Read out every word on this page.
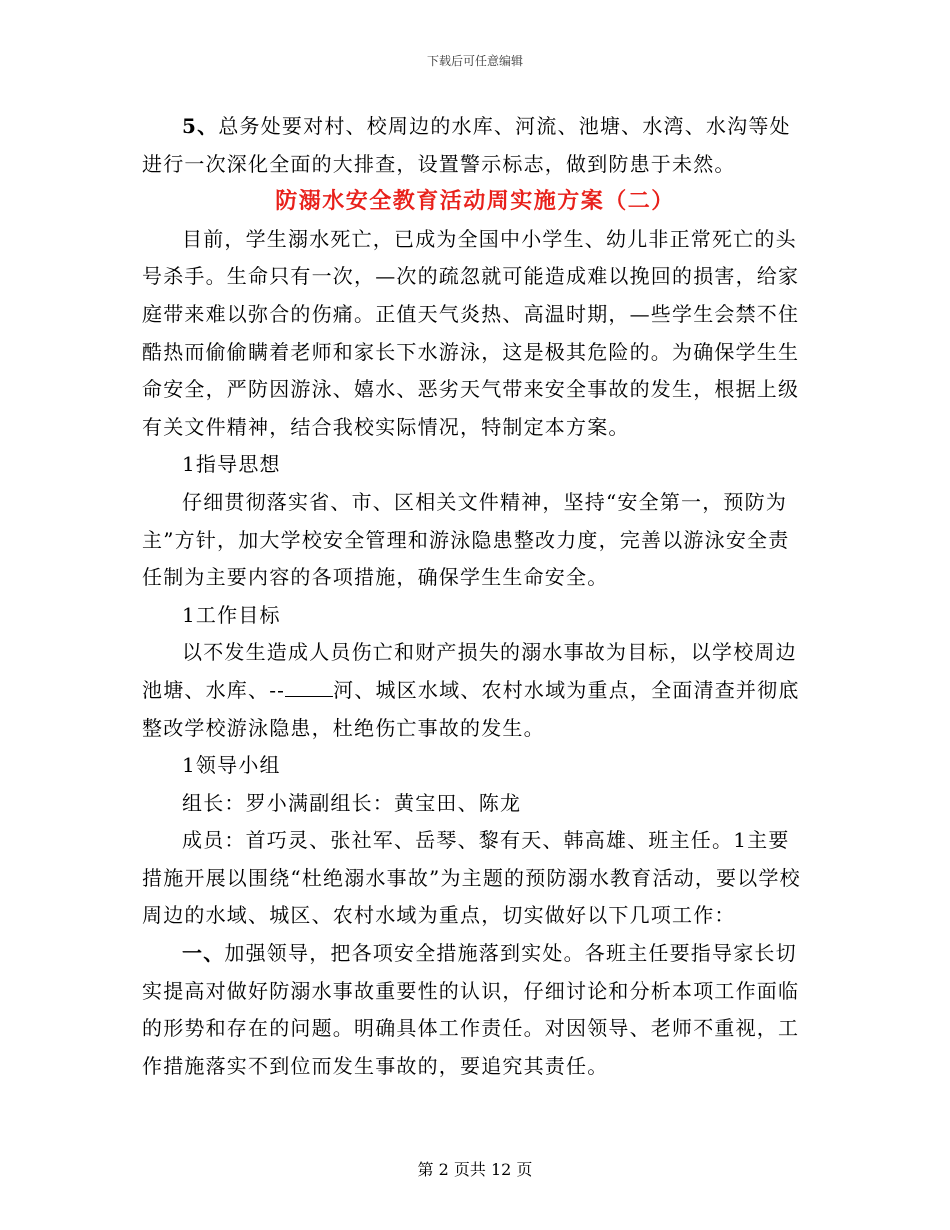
下载后可任意编辑

5、总务处要对村、校周边的水库、河流、池塘、水湾、水沟等处进行一次深化全面的大排查，设置警示标志，做到防患于未然。

防溺水安全教育活动周实施方案（二）

目前，学生溺水死亡，已成为全国中小学生、幼儿非正常死亡的头号杀手。生命只有一次，—次的疏忽就可能造成难以挽回的损害，给家庭带来难以弥合的伤痛。正值天气炎热、高温时期，—些学生会禁不住酷热而偷偷瞒着老师和家长下水游泳，这是极其危险的。为确保学生生命安全，严防因游泳、嬉水、恶劣天气带来安全事故的发生，根据上级有关文件精神，结合我校实际情况，特制定本方案。

1指导思想

仔细贯彻落实省、市、区相关文件精神，坚持“安全第一，预防为主”方针，加大学校安全管理和游泳隐患整改力度，完善以游泳安全责任制为主要内容的各项措施，确保学生生命安全。

1工作目标

以不发生造成人员伤亡和财产损失的溺水事故为目标，以学校周边池塘、水库、-- 河、城区水域、农村水域为重点，全面清查并彻底整改学校游泳隐患，杜绝伤亡事故的发生。

1领导小组

组长：罗小满副组长：黄宝田、陈龙

成员：首巧灵、张社军、岳琴、黎有天、韩高雄、班主任。1主要措施开展以围绕“杜绝溺水事故”为主题的预防溺水教育活动，要以学校周边的水域、城区、农村水域为重点，切实做好以下几项工作：

一、加强领导，把各项安全措施落到实处。各班主任要指导家长切实提高对做好防溺水事故重要性的认识，仔细讨论和分析本项工作面临的形势和存在的问题。明确具体工作责任。对因领导、老师不重视，工作措施落实不到位而发生事故的，要追究其责任。

第 2 页共 12 页
